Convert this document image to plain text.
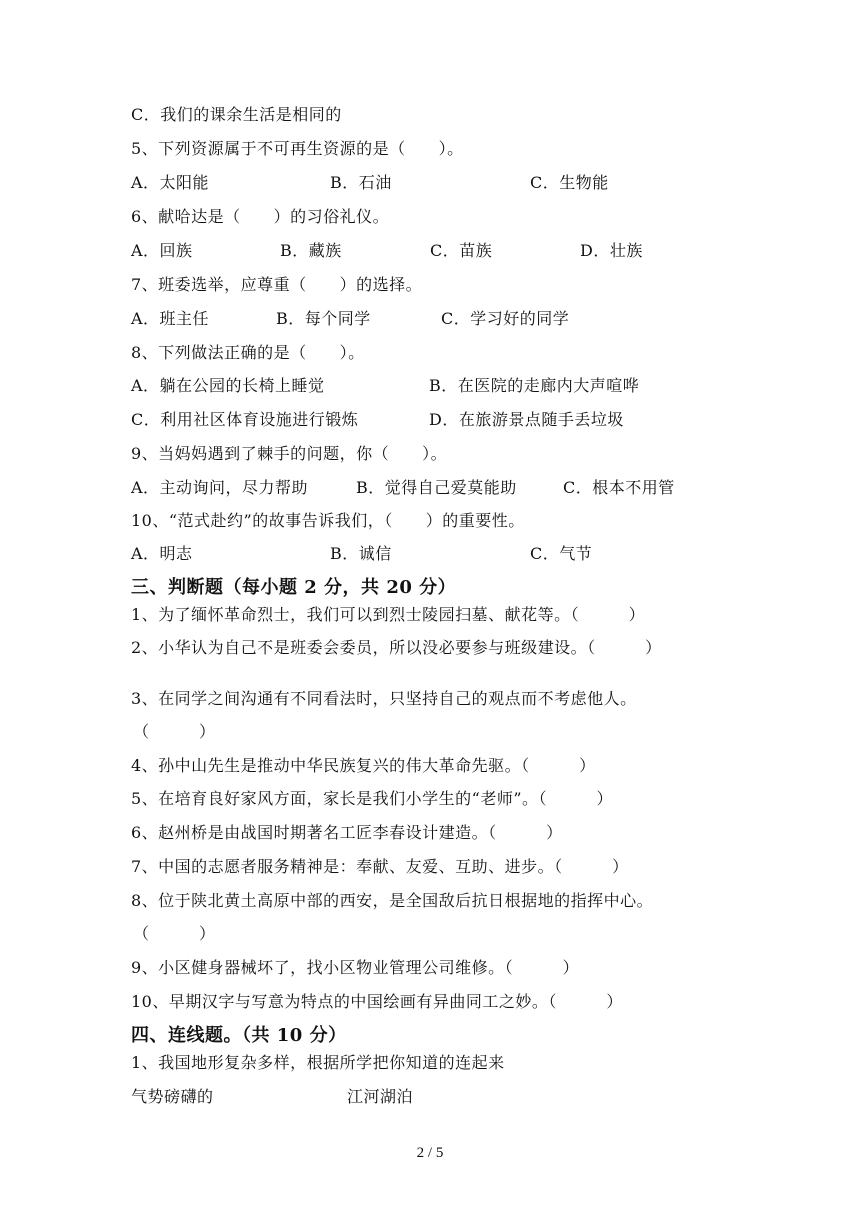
C．我们的课余生活是相同的
5、下列资源属于不可再生资源的是（　　）。
A．太阳能	B．石油	C．生物能
6、献哈达是（　　）的习俗礼仪。
A．回族	B．藏族	C．苗族	D．壮族
7、班委选举，应尊重（　　）的选择。
A．班主任	B．每个同学	C．学习好的同学
8、下列做法正确的是（　　）。
A．躺在公园的长椅上睡觉	B．在医院的走廊内大声喧哗
C．利用社区体育设施进行锻炼	D．在旅游景点随手丢垃圾
9、当妈妈遇到了棘手的问题，你（　　）。
A．主动询问，尽力帮助	B．觉得自己爱莫能助	C．根本不用管
10、“范式赴约”的故事告诉我们，（　　）的重要性。
A．明志	B．诚信	C．气节
三、判断题（每小题 2 分，共 20 分）
1、为了缅怀革命烈士，我们可以到烈士陵园扫墓、献花等。（　　　）
2、小华认为自己不是班委会委员，所以没必要参与班级建设。（　　　）
3、在同学之间沟通有不同看法时，只坚持自己的观点而不考虑他人。
（　　　）
4、孙中山先生是推动中华民族复兴的伟大革命先驱。（　　　）
5、在培育良好家风方面，家长是我们小学生的“老师”。（　　　）
6、赵州桥是由战国时期著名工匠李春设计建造。（　　　）
7、中国的志愿者服务精神是：奉献、友爱、互助、进步。（　　　）
8、位于陕北黄土高原中部的西安，是全国敌后抗日根据地的指挥中心。
（　　　）
9、小区健身器械坏了，找小区物业管理公司维修。（　　　）
10、早期汉字与写意为特点的中国绘画有异曲同工之妙。（　　　）
四、连线题。（共 10 分）
1、我国地形复杂多样，根据所学把你知道的连起来
气势磅礴的	江河湖泊
2 / 5
